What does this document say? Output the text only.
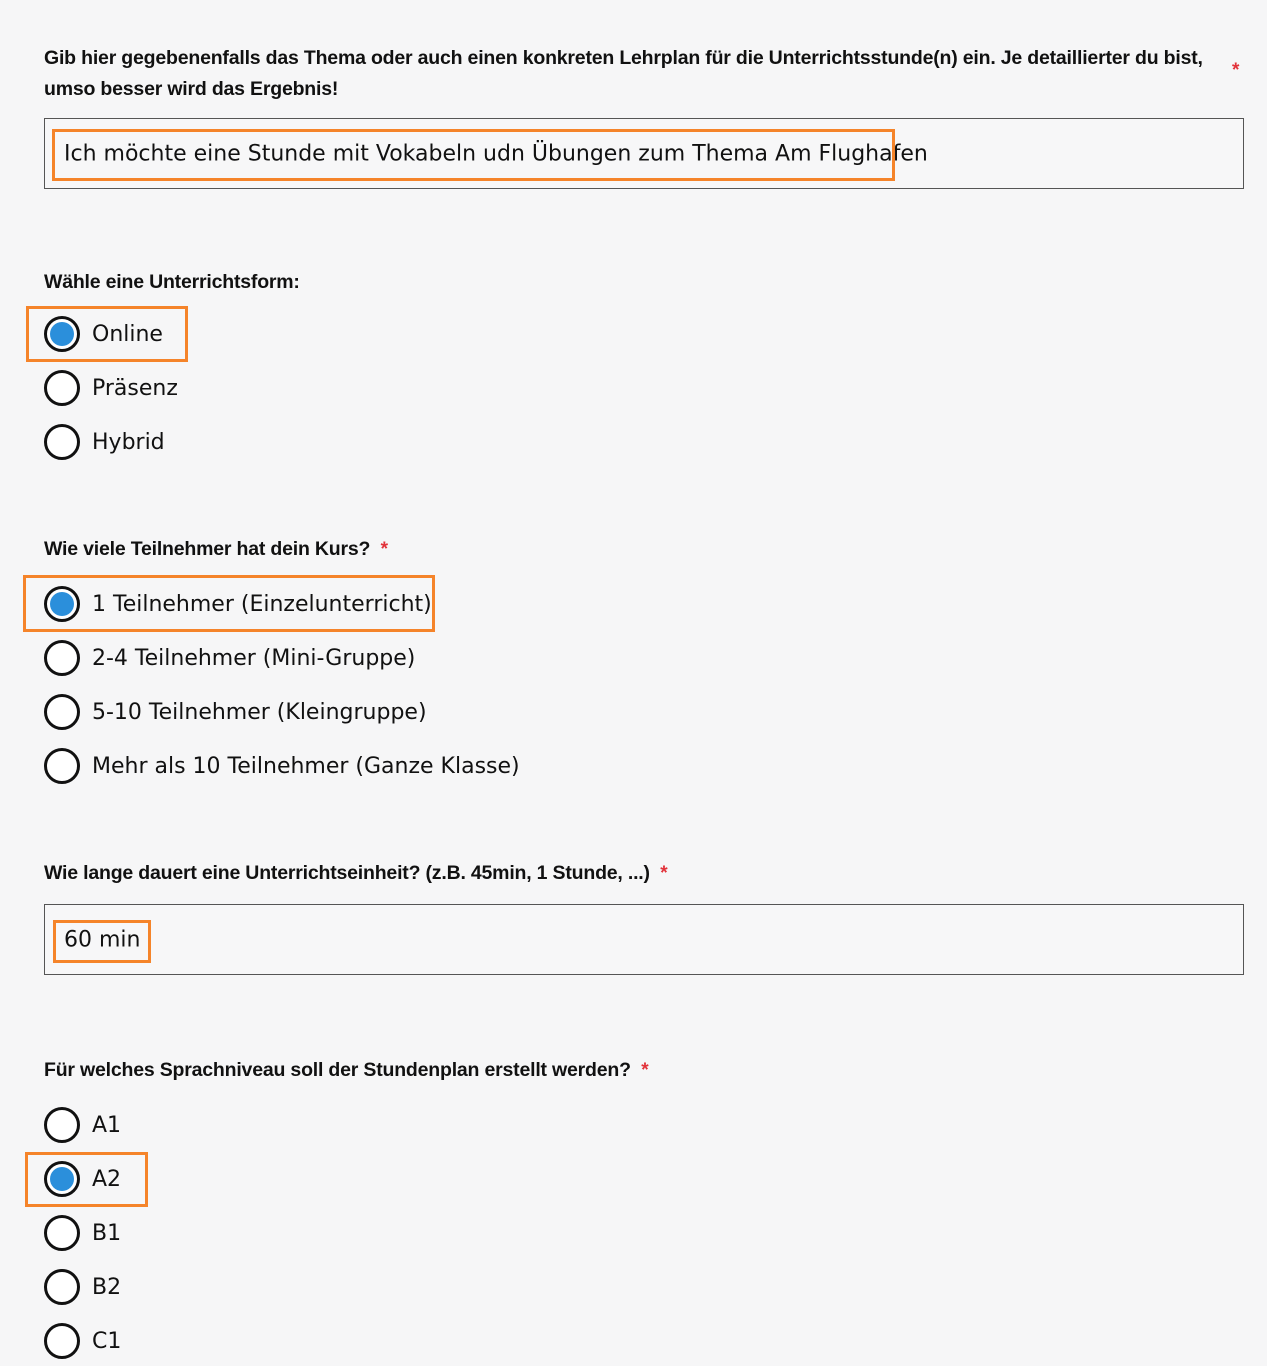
Gib hier gegebenenfalls das Thema oder auch einen konkreten Lehrplan für die Unterrichtsstunde(n) ein. Je detaillierter du bist, umso besser wird das Ergebnis!
*
Ich möchte eine Stunde mit Vokabeln udn Übungen zum Thema Am Flughafen
Wähle eine Unterrichtsform:
Online
Präsenz
Hybrid
Wie viele Teilnehmer hat dein Kurs? *
1 Teilnehmer (Einzelunterricht)
2-4 Teilnehmer (Mini-Gruppe)
5-10 Teilnehmer (Kleingruppe)
Mehr als 10 Teilnehmer (Ganze Klasse)
Wie lange dauert eine Unterrichtseinheit? (z.B. 45min, 1 Stunde, ...) *
60 min
Für welches Sprachniveau soll der Stundenplan erstellt werden? *
A1
A2
B1
B2
C1
